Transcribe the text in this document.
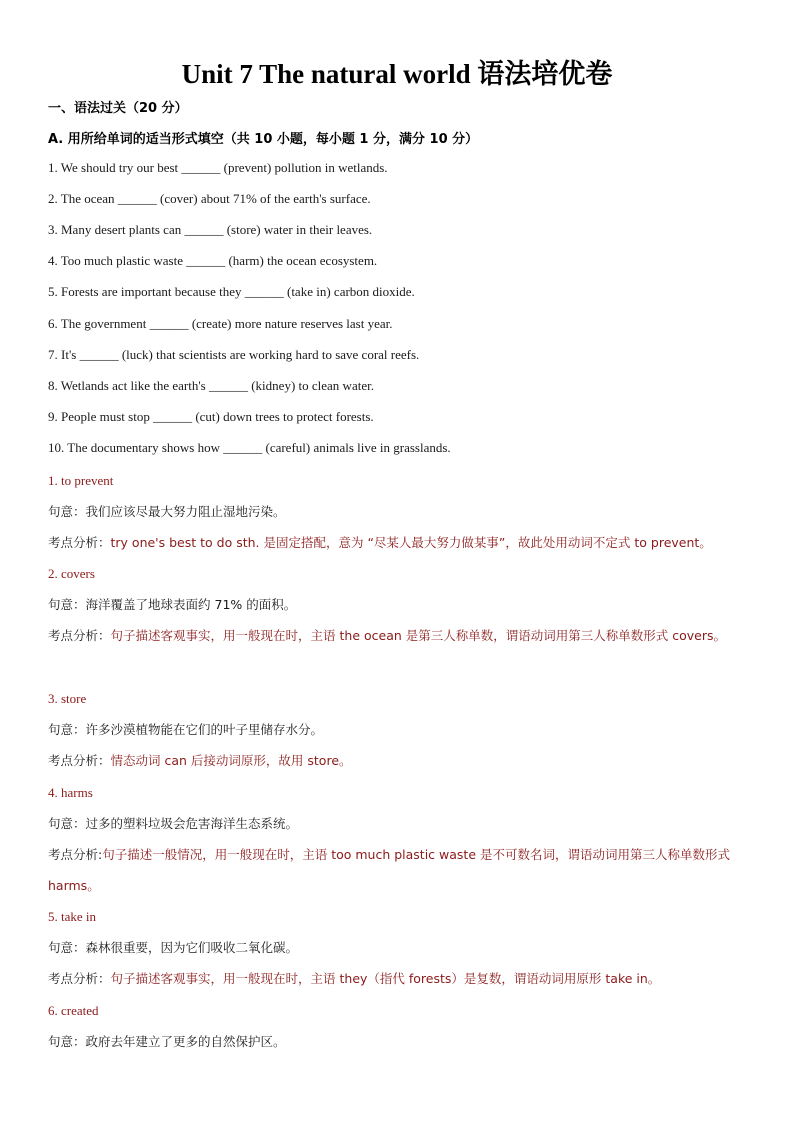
Unit 7 The natural world 语法培优卷
一、语法过关（20 分）
A. 用所给单词的适当形式填空（共 10 小题，每小题 1 分，满分 10 分）
1. We should try our best ______ (prevent) pollution in wetlands.
2. The ocean ______ (cover) about 71% of the earth's surface.
3. Many desert plants can ______ (store) water in their leaves.
4. Too much plastic waste ______ (harm) the ocean ecosystem.
5. Forests are important because they ______ (take in) carbon dioxide.
6. The government ______ (create) more nature reserves last year.
7. It's ______ (luck) that scientists are working hard to save coral reefs.
8. Wetlands act like the earth's ______ (kidney) to clean water.
9. People must stop ______ (cut) down trees to protect forests.
10. The documentary shows how ______ (careful) animals live in grasslands.
1. to prevent
句意：我们应该尽最大努力阻止湿地污染。
考点分析：try one's best to do sth. 是固定搭配，意为 “尽某人最大努力做某事”，故此处用动词不定式 to prevent。
2. covers
句意：海洋覆盖了地球表面约 71% 的面积。
考点分析：句子描述客观事实，用一般现在时，主语 the ocean 是第三人称单数，谓语动词用第三人称单数形式 covers。
3. store
句意：许多沙漠植物能在它们的叶子里储存水分。
考点分析：情态动词 can 后接动词原形，故用 store。
4. harms
句意：过多的塑料垃圾会危害海洋生态系统。
考点分析:句子描述一般情况，用一般现在时，主语 too much plastic waste 是不可数名词，谓语动词用第三人称单数形式 harms。
5. take in
句意：森林很重要，因为它们吸收二氧化碳。
考点分析：句子描述客观事实，用一般现在时，主语 they（指代 forests）是复数，谓语动词用原形 take in。
6. created
句意：政府去年建立了更多的自然保护区。
